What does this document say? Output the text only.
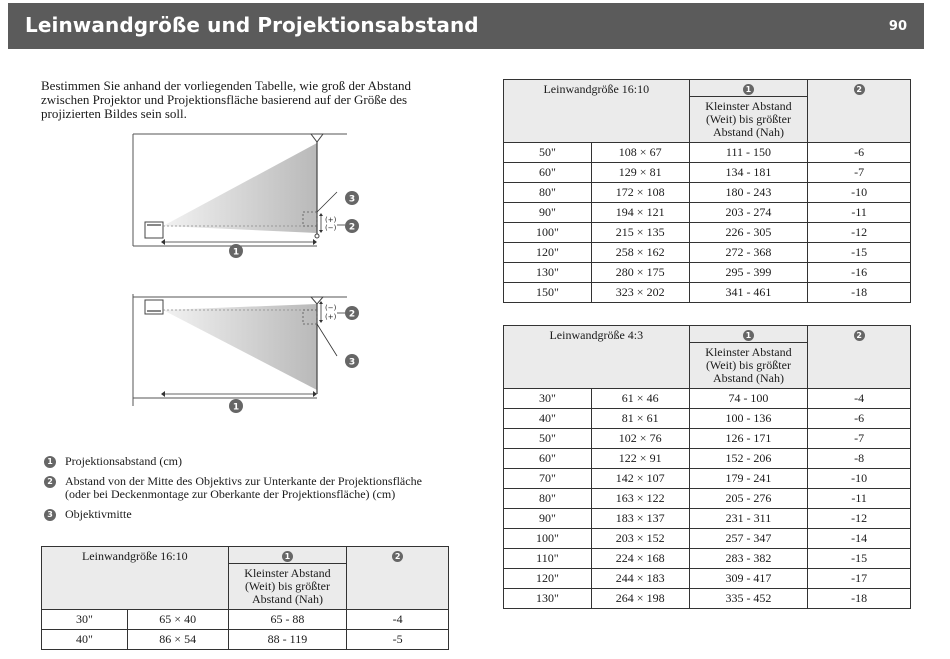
Leinwandgröße und Projektionsabstand	90
Bestimmen Sie anhand der vorliegenden Tabelle, wie groß der Abstand zwischen Projektor und Projektionsfläche basierend auf der Größe des projizierten Bildes sein soll.
(+)
(−)
1
2
3
(−)
(+)
1
2
3
1 Projektionsabstand (cm)
2 Abstand von der Mitte des Objektivs zur Unterkante der Projektionsfläche (oder bei Deckenmontage zur Oberkante der Projektionsfläche) (cm)
3 Objektivmitte
Leinwandgröße 16:10		1	2
		Kleinster Abstand (Weit) bis größter Abstand (Nah)	
30"	65 × 40	65 - 88	-4
40"	86 × 54	88 - 119	-5
Leinwandgröße 16:10		1	2
		Kleinster Abstand (Weit) bis größter Abstand (Nah)	
50"	108 × 67	111 - 150	-6
60"	129 × 81	134 - 181	-7
80"	172 × 108	180 - 243	-10
90"	194 × 121	203 - 274	-11
100"	215 × 135	226 - 305	-12
120"	258 × 162	272 - 368	-15
130"	280 × 175	295 - 399	-16
150"	323 × 202	341 - 461	-18
Leinwandgröße 4:3		1	2
		Kleinster Abstand (Weit) bis größter Abstand (Nah)	
30"	61 × 46	74 - 100	-4
40"	81 × 61	100 - 136	-6
50"	102 × 76	126 - 171	-7
60"	122 × 91	152 - 206	-8
70"	142 × 107	179 - 241	-10
80"	163 × 122	205 - 276	-11
90"	183 × 137	231 - 311	-12
100"	203 × 152	257 - 347	-14
110"	224 × 168	283 - 382	-15
120"	244 × 183	309 - 417	-17
130"	264 × 198	335 - 452	-18
